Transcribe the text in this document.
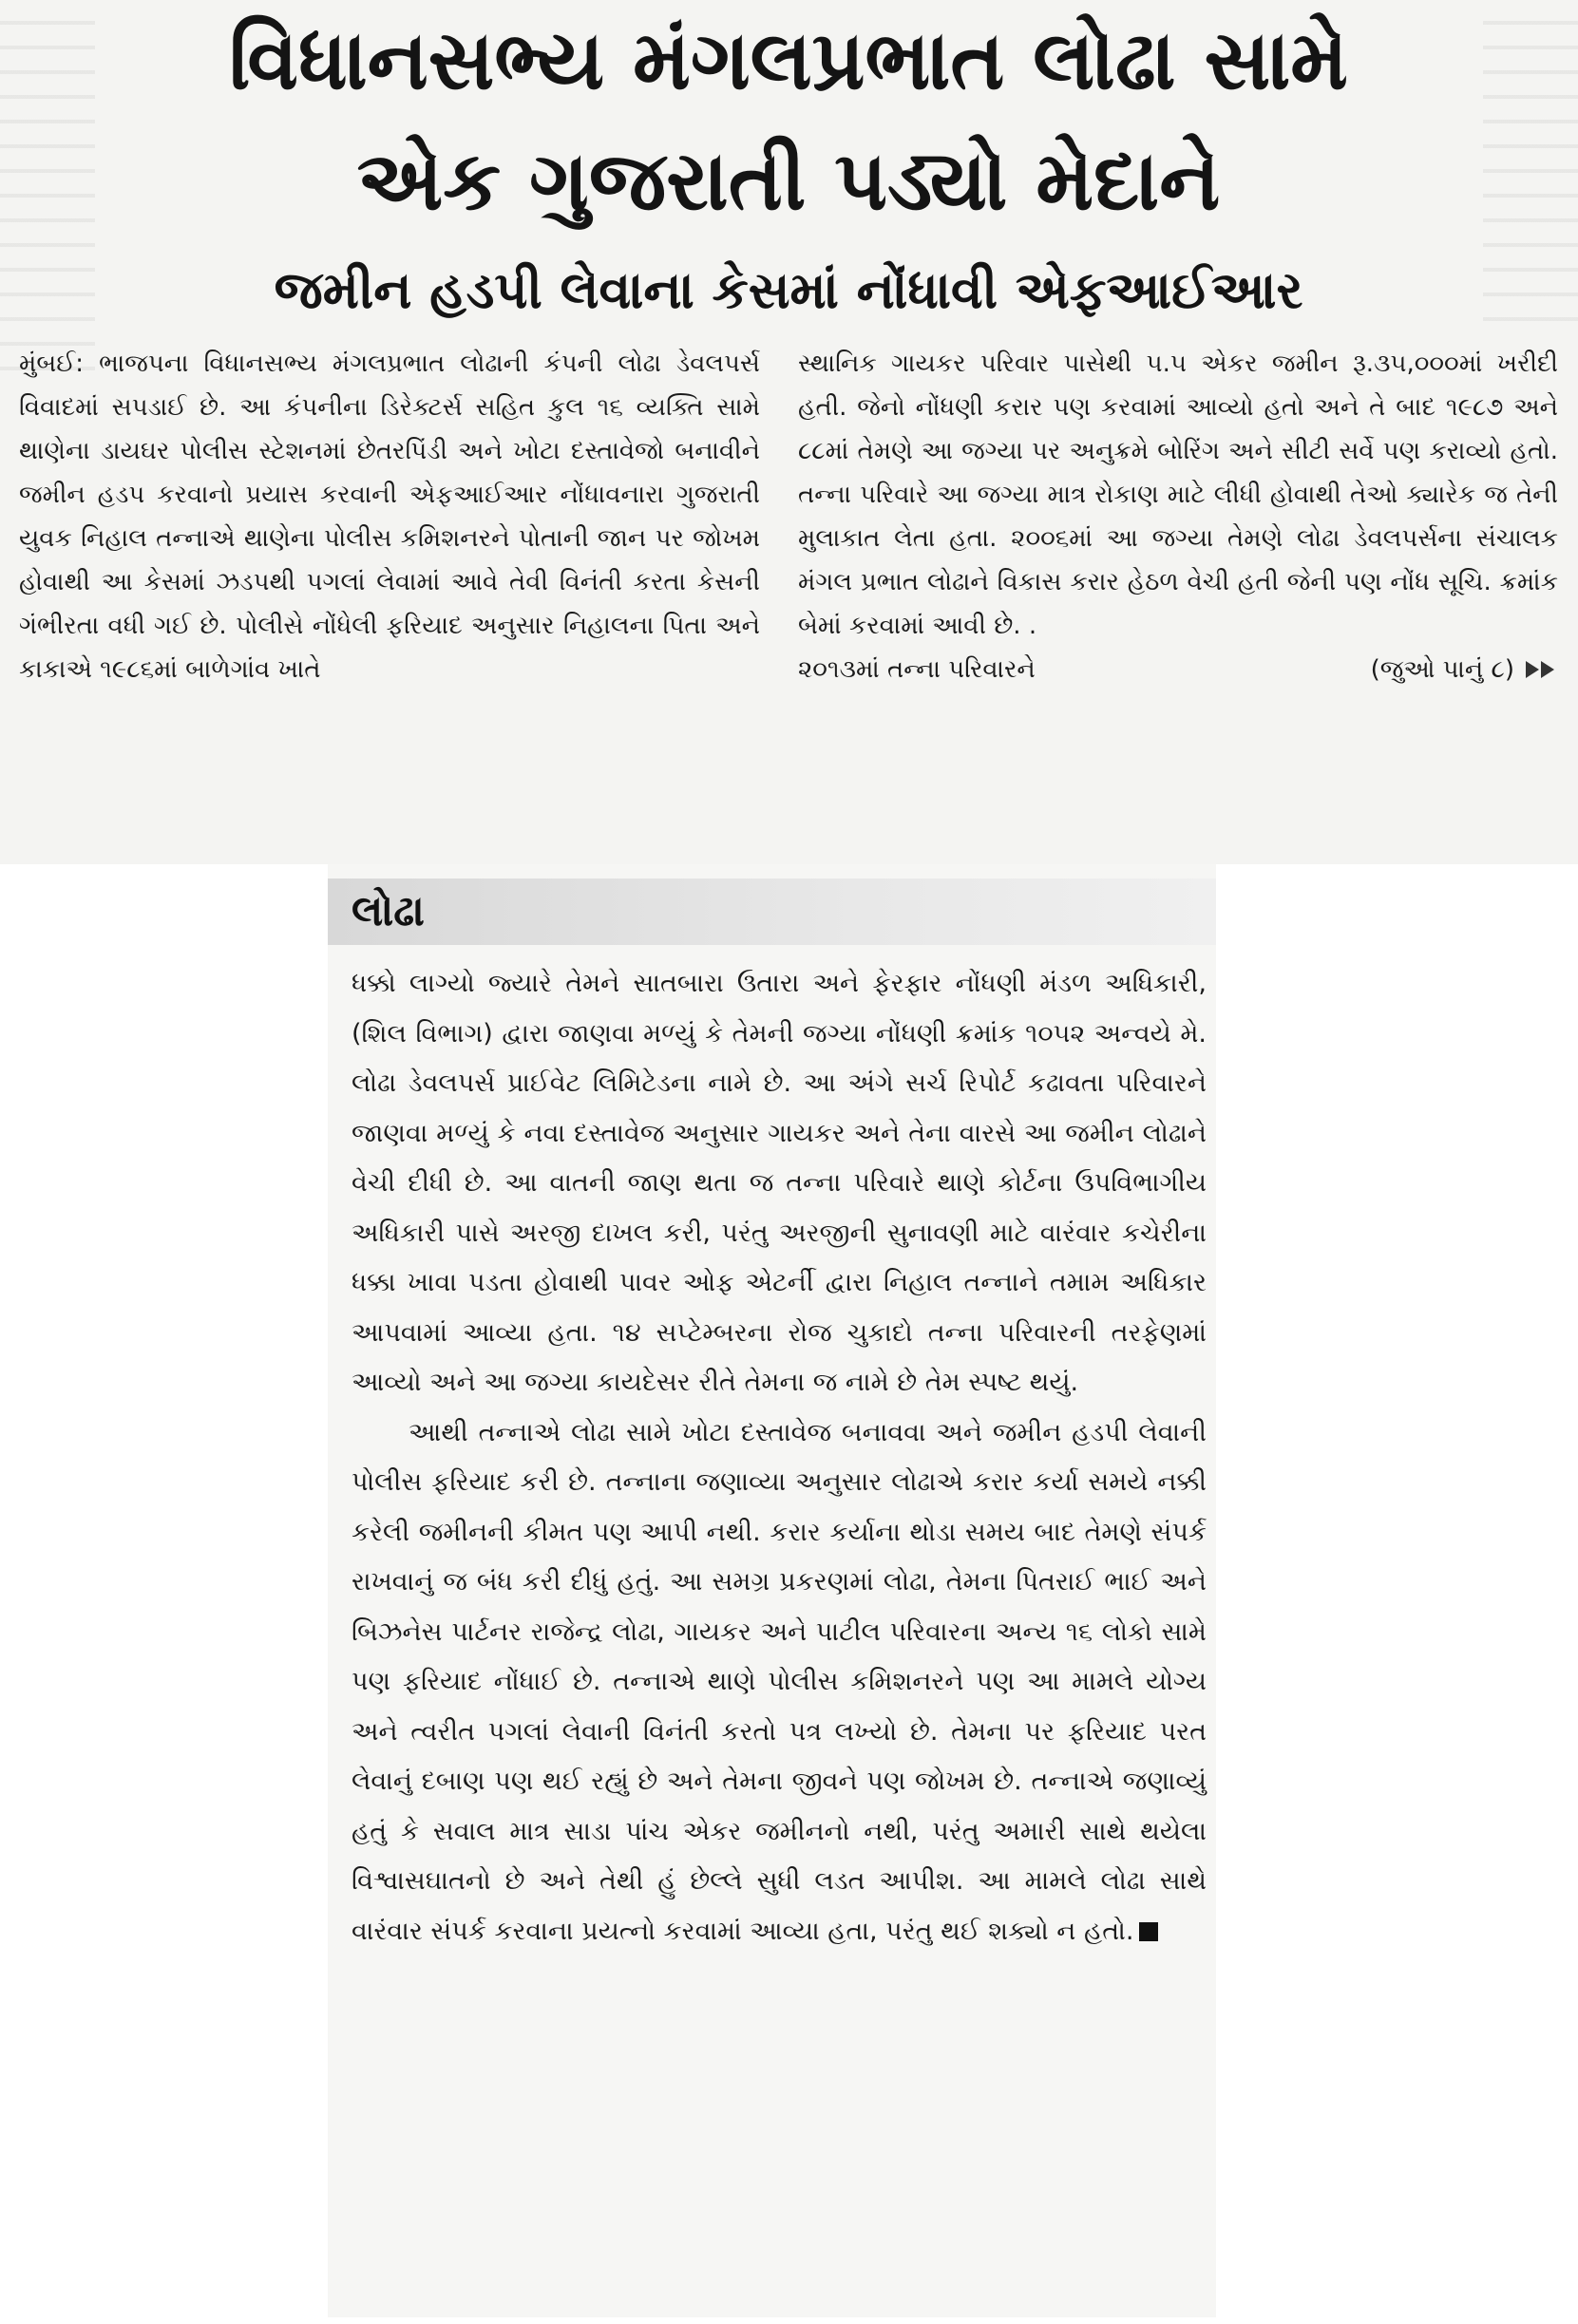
વિધાનસભ્ય મંગલપ્રભાત લોઢા સામે
એક ગુજરાતી પડ્યો મેદાને
જમીન હડપી લેવાના કેસમાં નોંધાવી એફઆઈઆર

મુંબઈ: ભાજપના વિધાનસભ્ય મંગલપ્રભાત લોઢાની કંપની લોઢા ડેવલપર્સ વિવાદમાં સપડાઈ છે. આ કંપનીના ડિરેક્ટર્સ સહિત કુલ ૧૬ વ્યક્તિ સામે થાણેના ડાયઘર પોલીસ સ્ટેશનમાં છેતરપિંડી અને ખોટા દસ્તાવેજો બનાવીને જમીન હડપ કરવાનો પ્રયાસ કરવાની એફઆઈઆર નોંધાવનારા ગુજરાતી યુવક નિહાલ તન્નાએ થાણેના પોલીસ કમિશનરને પોતાની જાન પર જોખમ હોવાથી આ કેસમાં ઝડપથી પગલાં લેવામાં આવે તેવી વિનંતી કરતા કેસની ગંભીરતા વધી ગઈ છે. પોલીસે નોંધેલી ફરિયાદ અનુસાર નિહાલના પિતા અને કાકાએ ૧૯૮૬માં બાળેગાંવ ખાતે

સ્થાનિક ગાયકર પરિવાર પાસેથી ૫.૫ એકર જમીન રૂ.૩૫,૦૦૦માં ખરીદી હતી. જેનો નોંધણી કરાર પણ કરવામાં આવ્યો હતો અને તે બાદ ૧૯૮૭ અને ૮૮માં તેમણે આ જગ્યા પર અનુક્રમે બોરિંગ અને સીટી સર્વે પણ કરાવ્યો હતો. તન્ના પરિવારે આ જગ્યા માત્ર રોકાણ માટે લીધી હોવાથી તેઓ ક્યારેક જ તેની મુલાકાત લેતા હતા. ૨૦૦૬માં આ જગ્યા તેમણે લોઢા ડેવલપર્સના સંચાલક મંગલ પ્રભાત લોઢાને વિકાસ કરાર હેઠળ વેચી હતી જેની પણ નોંધ સૂચિ. ક્રમાંક બેમાં કરવામાં આવી છે. .

૨૦૧૩માં તન્ના પરિવારને	(જુઓ પાનું ૮)
લોઢા

ધક્કો લાગ્યો જ્યારે તેમને સાતબારા ઉતારા અને ફેરફાર નોંધણી મંડળ અધિકારી,(શિલ વિભાગ) દ્વારા જાણવા મળ્યું કે તેમની જગ્યા નોંધણી ક્રમાંક ૧૦૫૨ અન્વયે મે. લોઢા ડેવલપર્સ પ્રાઈવેટ લિમિટેડના નામે છે. આ અંગે સર્ચ રિપોર્ટ કઢાવતા પરિવારને જાણવા મળ્યું કે નવા દસ્તાવેજ અનુસાર ગાયકર અને તેના વારસે આ જમીન લોઢાને વેચી દીધી છે. આ વાતની જાણ થતા જ તન્ના પરિવારે થાણે કોર્ટના ઉપવિભાગીય અધિકારી પાસે અરજી દાખલ કરી, પરંતુ અરજીની સુનાવણી માટે વારંવાર કચેરીના ધક્કા ખાવા પડતા હોવાથી પાવર ઓફ એટર્ની દ્વારા નિહાલ તન્નાને તમામ અધિકાર આપવામાં આવ્યા હતા. ૧૪ સપ્ટેમ્બરના રોજ ચુકાદો તન્ના પરિવારની તરફેણમાં આવ્યો અને આ જગ્યા કાયદેસર રીતે તેમના જ નામે છે તેમ સ્પષ્ટ થયું.

આથી તન્નાએ લોઢા સામે ખોટા દસ્તાવેજ બનાવવા અને જમીન હડપી લેવાની પોલીસ ફરિયાદ કરી છે. તન્નાના જણાવ્યા અનુસાર લોઢાએ કરાર કર્યા સમયે નક્કી કરેલી જમીનની કીમત પણ આપી નથી. કરાર કર્યાના થોડા સમય બાદ તેમણે સંપર્ક રાખવાનું જ બંધ કરી દીધું હતું. આ સમગ્ર પ્રકરણમાં લોઢા, તેમના પિતરાઈ ભાઈ અને બિઝનેસ પાર્ટનર રાજેન્દ્ર લોઢા, ગાયકર અને પાટીલ પરિવારના અન્ય ૧૬ લોકો સામે પણ ફરિયાદ નોંધાઈ છે. તન્નાએ થાણે પોલીસ કમિશનરને પણ આ મામલે યોગ્ય અને ત્વરીત પગલાં લેવાની વિનંતી કરતો પત્ર લખ્યો છે. તેમના પર ફરિયાદ પરત લેવાનું દબાણ પણ થઈ રહ્યું છે અને તેમના જીવને પણ જોખમ છે. તન્નાએ જણાવ્યું હતું કે સવાલ માત્ર સાડા પાંચ એકર જમીનનો નથી, પરંતુ અમારી સાથે થયેલા વિશ્વાસઘાતનો છે અને તેથી હું છેલ્લે સુધી લડત આપીશ. આ મામલે લોઢા સાથે વારંવાર સંપર્ક કરવાના પ્રયત્નો કરવામાં આવ્યા હતા, પરંતુ થઈ શક્યો ન હતો.
